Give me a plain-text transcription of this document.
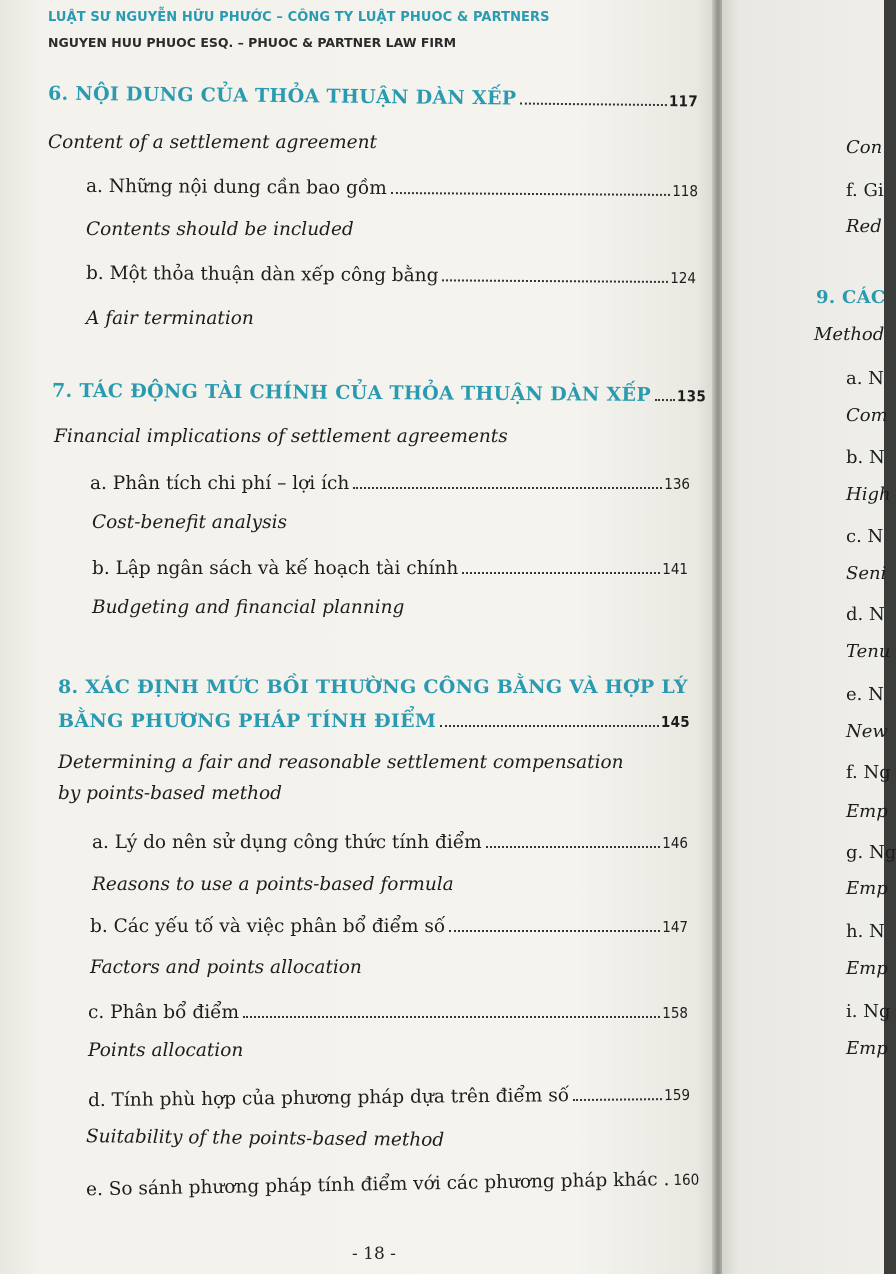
LUẬT SƯ NGUYỄN HỮU PHƯỚC – CÔNG TY LUẬT PHUOC & PARTNERS
NGUYEN HUU PHUOC ESQ. – PHUOC & PARTNER LAW FIRM
6. NỘI DUNG CỦA THỎA THUẬN DÀN XẾP	117
Content of a settlement agreement
a. Những nội dung cần bao gồm	118
Contents should be included
b. Một thỏa thuận dàn xếp công bằng	124
A fair termination
7. TÁC ĐỘNG TÀI CHÍNH CỦA THỎA THUẬN DÀN XẾP 135
Financial implications of settlement agreements
a. Phân tích chi phí – lợi ích	136
Cost-benefit analysis
b. Lập ngân sách và kế hoạch tài chính	141
Budgeting and financial planning
8. XÁC ĐỊNH MỨC BỒI THƯỜNG CÔNG BẰNG VÀ HỢP LÝ
BẰNG PHƯƠNG PHÁP TÍNH ĐIỂM	145
Determining a fair and reasonable settlement compensation
by points-based method
a. Lý do nên sử dụng công thức tính điểm	146
Reasons to use a points-based formula
b. Các yếu tố và việc phân bổ điểm số	147
Factors and points allocation
c. Phân bổ điểm	158
Points allocation
d. Tính phù hợp của phương pháp dựa trên điểm số	159
Suitability of the points-based method
e. So sánh phương pháp tính điểm với các phương pháp khác . 160
- 18 -
Con
f. Gi
Red
9. CÁC
Method
a. N
Com
b. N
High
c. N
Seni
d. N
Tenu
e. N
New
f. Ng
Emp
g. Ng
Emp
h. N
Emp
i. Ng
Emp
